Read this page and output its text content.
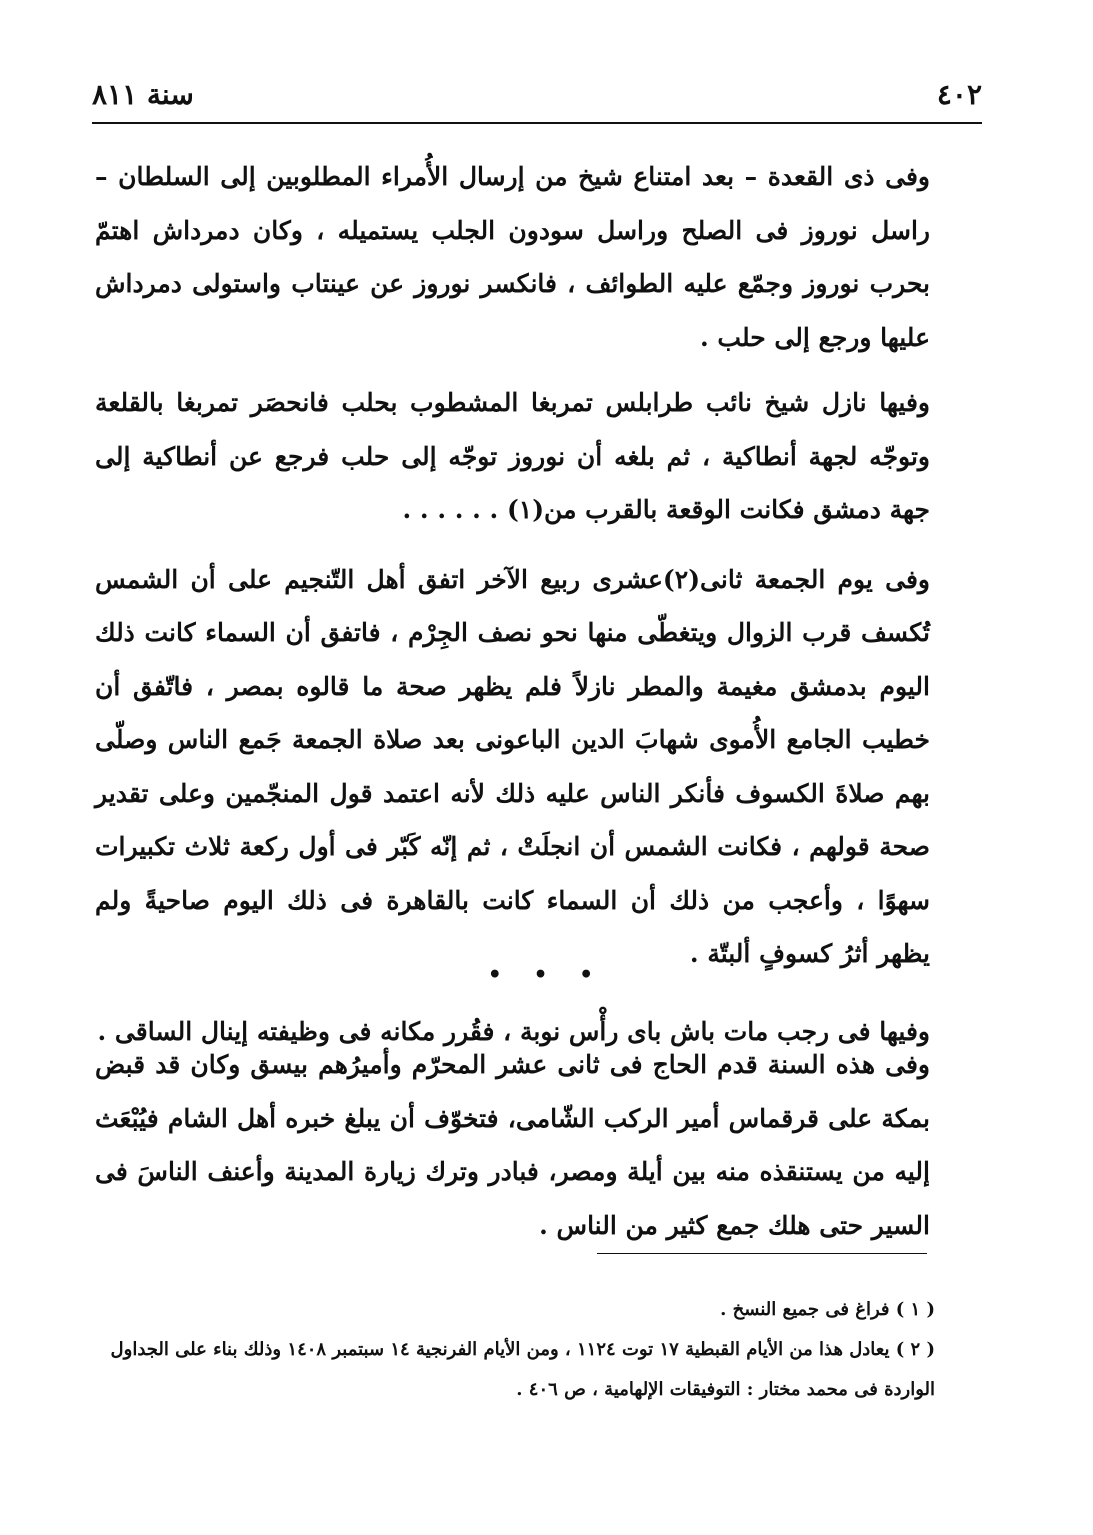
٤٠٢
سنة ٨١١

وفى ذى القعدة – بعد امتناع شيخ من إرسال الأُمراء المطلوبين إلى السلطان – راسل نوروز فى الصلح وراسل سودون الجلب يستميله ، وكان دمرداش اهتمّ بحرب نوروز وجمّع عليه الطوائف ، فانكسر نوروز عن عينتاب واستولى دمرداش عليها ورجع إلى حلب .

وفيها نازل شيخ نائب طرابلس تمربغا المشطوب بحلب فانحصَر تمربغا بالقلعة وتوجّه لجهة أنطاكية ، ثم بلغه أن نوروز توجّه إلى حلب فرجع عن أنطاكية إلى جهة دمشق فكانت الوقعة بالقرب من(١) . . . . . .

وفى يوم الجمعة ثانى(٢)عشرى ربيع الآخر اتفق أهل التّنجيم على أن الشمس تُكسف قرب الزوال ويتغطّى منها نحو نصف الجِرْم ، فاتفق أن السماء كانت ذلك اليوم بدمشق مغيمة والمطر نازلاً فلم يظهر صحة ما قالوه بمصر ، فاتّفق أن خطيب الجامع الأُموى شهابَ الدين الباعونى بعد صلاة الجمعة جَمع الناس وصلّى بهم صلاةَ الكسوف فأنكر الناس عليه ذلك لأنه اعتمد قول المنجّمين وعلى تقدير صحة قولهم ، فكانت الشمس أن انجلَتْ ، ثم إنّه كَبّر فى أول ركعة ثلاث تكبيرات سهوًا ، وأعجب من ذلك أن السماء كانت بالقاهرة فى ذلك اليوم صاحيةً ولم يظهر أثرُ كسوفٍ ألبتّة .

وفيها فى رجب مات باش باى رأْس نوبة ، فقُرر مكانه فى وظيفته إينال الساقى .

• • •

وفى هذه السنة قدم الحاج فى ثانى عشر المحرّم وأميرُهم بيسق وكان قد قبض بمكة على قرقماس أمير الركب الشّامى، فتخوّف أن يبلغ خبره أهل الشام فيُبْعَث إليه من يستنقذه منه بين أيلة ومصر، فبادر وترك زيارة المدينة وأعنف الناسَ فى السير حتى هلك جمع كثير من الناس .

( ١ ) فراغ فى جميع النسخ .

( ٢ ) يعادل هذا من الأيام القبطية ١٧ توت ١١٢٤ ، ومن الأيام الفرنجية ١٤ سبتمبر ١٤٠٨ وذلك بناء على الجداول الواردة فى محمد مختار : التوفيقات الإلهامية ، ص ٤٠٦ .
